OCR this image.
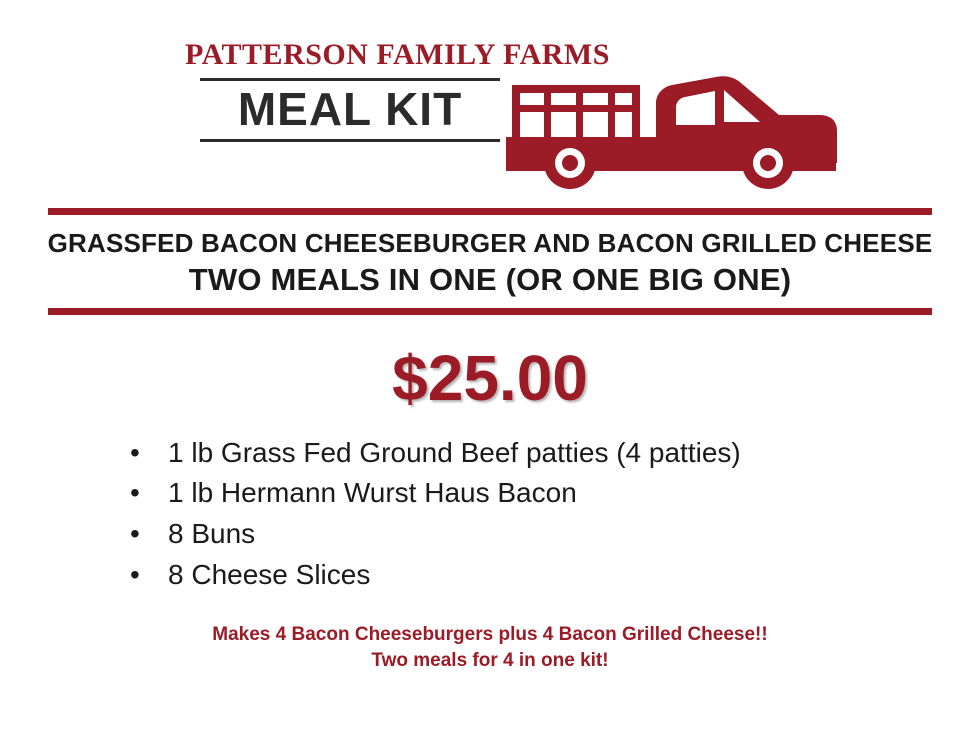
PATTERSON FAMILY FARMS
MEAL KIT
GRASSFED BACON CHEESEBURGER AND BACON GRILLED CHEESE
TWO MEALS IN ONE (OR ONE BIG ONE)
$25.00
• 1 lb Grass Fed Ground Beef patties (4 patties)
• 1 lb Hermann Wurst Haus Bacon
• 8 Buns
• 8 Cheese Slices
Makes 4 Bacon Cheeseburgers plus 4 Bacon Grilled Cheese!!
Two meals for 4 in one kit!
